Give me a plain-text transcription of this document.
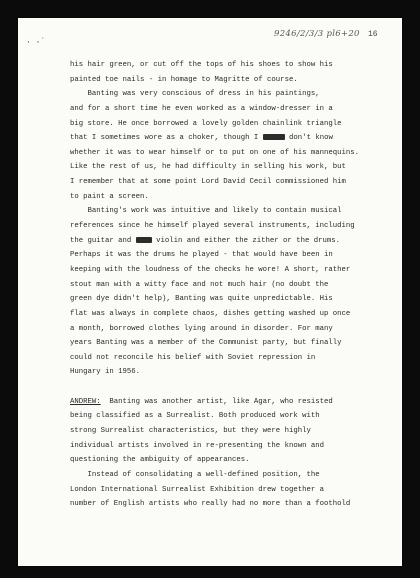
· ·˙
9246/2/3/3 pl6+20 16
his hair green, or cut off the tops of his shoes to show his
painted toe nails - in homage to Magritte of course.
Banting was very conscious of dress in his paintings,
and for a short time he even worked as a window-dresser in a
big store. He once borrowed a lovely golden chainlink triangle
that I sometimes wore as a choker, though I	don't know
whether it was to wear himself or to put on one of his mannequins.
Like the rest of us, he had difficulty in selling his work, but
I remember that at some point Lord David Cecil commissioned him
to paint a screen.
Banting's work was intuitive and likely to contain musical
references since he himself played several instruments, including
the guitar and  violin and either the zither or the drums.
Perhaps it was the drums he played - that would have been in
keeping with the loudness of the checks he wore! A short, rather
stout man with a witty face and not much hair (no doubt the
green dye didn't help), Banting was quite unpredictable. His
flat was always in complete chaos, dishes getting washed up once
a month, borrowed clothes lying around in disorder. For many
years Banting was a member of the Communist party, but finally
could not reconcile his belief with Soviet repression in
Hungary in 1956.
ANDREW:  Banting was another artist, like Agar, who resisted
being classified as a Surrealist. Both produced work with
strong Surrealist characteristics, but they were highly
individual artists involved in re-presenting the known and
questioning the ambiguity of appearances.
Instead of consolidating a well-defined position, the
London International Surrealist Exhibition drew together a
number of English artists who really had no more than a foothold
